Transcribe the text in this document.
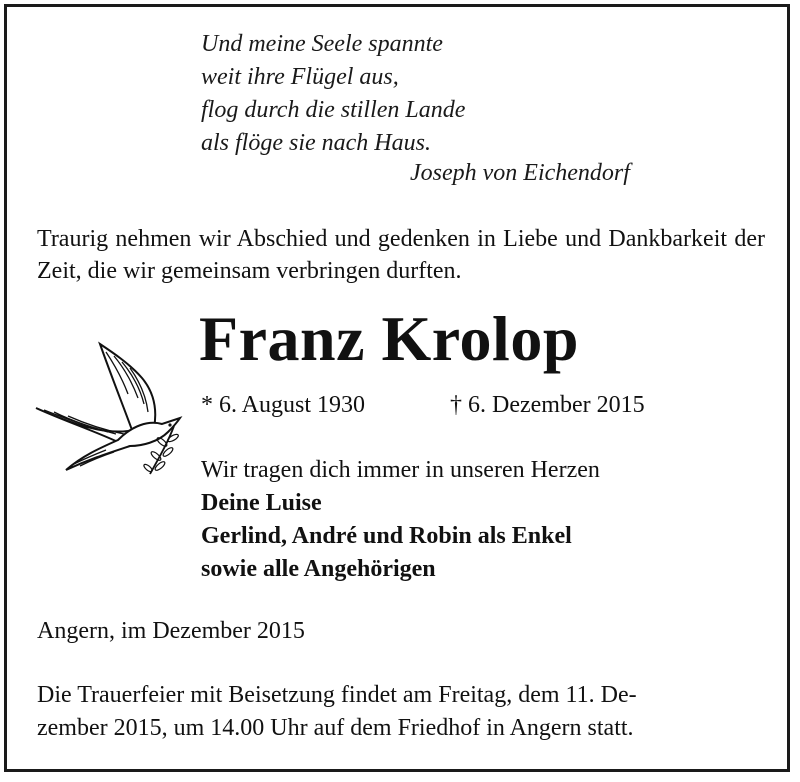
Und meine Seele spannte
weit ihre Flügel aus,
flog durch die stillen Lande
als flöge sie nach Haus.
Joseph von Eichendorf
Traurig nehmen wir Abschied und gedenken in Liebe und Dankbarkeit der Zeit, die wir gemeinsam verbringen durften.
Franz Krolop
* 6. August 1930	† 6. Dezember 2015
Wir tragen dich immer in unseren Herzen
Deine Luise
Gerlind, André und Robin als Enkel
sowie alle Angehörigen
Angern, im Dezember 2015
Die Trauerfeier mit Beisetzung findet am Freitag, dem 11. De-
zember 2015, um 14.00 Uhr auf dem Friedhof in Angern statt.
